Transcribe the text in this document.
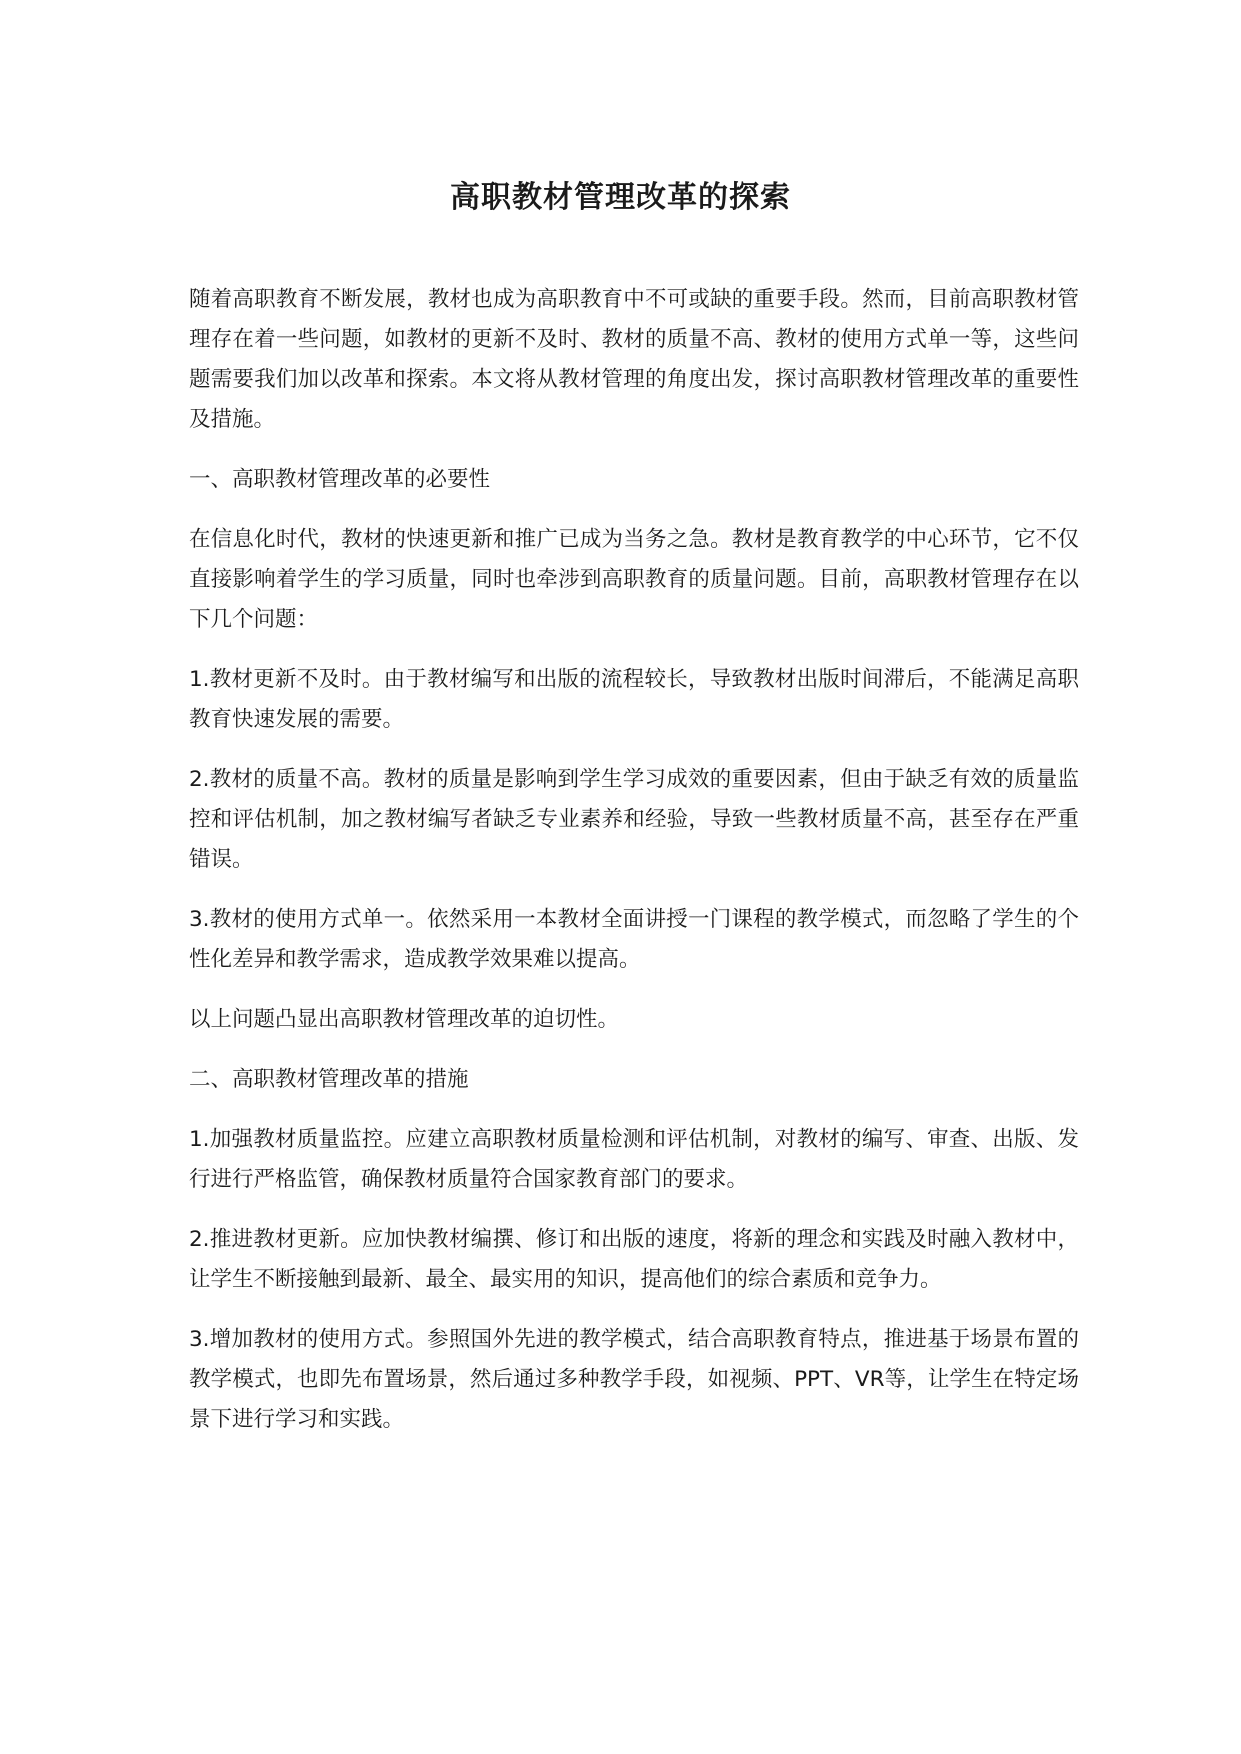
高职教材管理改革的探索

随着高职教育不断发展，教材也成为高职教育中不可或缺的重要手段。然而，目前高职教材管理存在着一些问题，如教材的更新不及时、教材的质量不高、教材的使用方式单一等，这些问题需要我们加以改革和探索。本文将从教材管理的角度出发，探讨高职教材管理改革的重要性及措施。

一、高职教材管理改革的必要性

在信息化时代，教材的快速更新和推广已成为当务之急。教材是教育教学的中心环节，它不仅直接影响着学生的学习质量，同时也牵涉到高职教育的质量问题。目前，高职教材管理存在以下几个问题：

1.教材更新不及时。由于教材编写和出版的流程较长，导致教材出版时间滞后，不能满足高职教育快速发展的需要。

2.教材的质量不高。教材的质量是影响到学生学习成效的重要因素，但由于缺乏有效的质量监控和评估机制，加之教材编写者缺乏专业素养和经验，导致一些教材质量不高，甚至存在严重错误。

3.教材的使用方式单一。依然采用一本教材全面讲授一门课程的教学模式，而忽略了学生的个性化差异和教学需求，造成教学效果难以提高。

以上问题凸显出高职教材管理改革的迫切性。

二、高职教材管理改革的措施

1.加强教材质量监控。应建立高职教材质量检测和评估机制，对教材的编写、审查、出版、发行进行严格监管，确保教材质量符合国家教育部门的要求。

2.推进教材更新。应加快教材编撰、修订和出版的速度，将新的理念和实践及时融入教材中，让学生不断接触到最新、最全、最实用的知识，提高他们的综合素质和竞争力。

3.增加教材的使用方式。参照国外先进的教学模式，结合高职教育特点，推进基于场景布置的教学模式，也即先布置场景，然后通过多种教学手段，如视频、PPT、VR等，让学生在特定场景下进行学习和实践。
